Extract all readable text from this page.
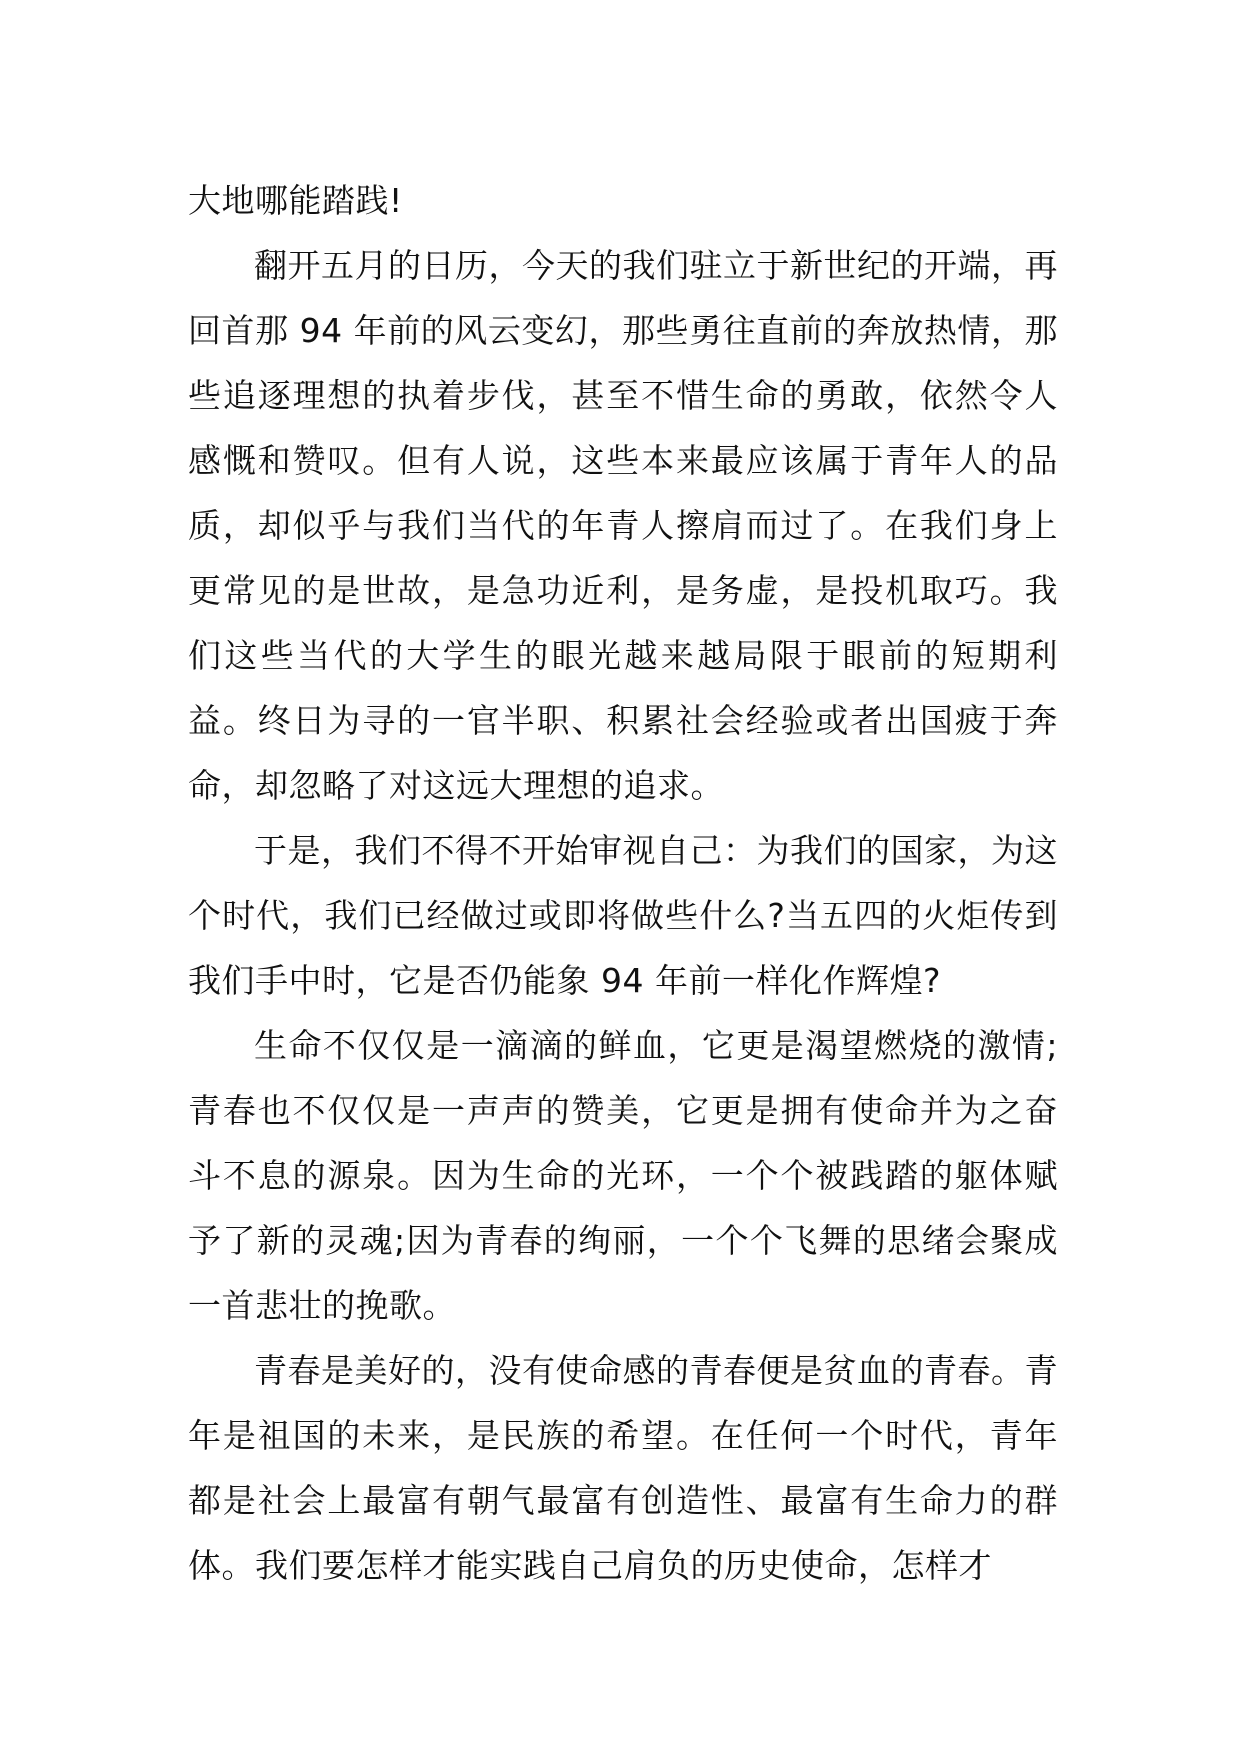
大地哪能踏践!

翻开五月的日历，今天的我们驻立于新世纪的开端，再回首那 94 年前的风云变幻，那些勇往直前的奔放热情，那些追逐理想的执着步伐，甚至不惜生命的勇敢，依然令人感慨和赞叹。但有人说，这些本来最应该属于青年人的品质，却似乎与我们当代的年青人擦肩而过了。在我们身上更常见的是世故，是急功近利，是务虚，是投机取巧。我们这些当代的大学生的眼光越来越局限于眼前的短期利益。终日为寻的一官半职、积累社会经验或者出国疲于奔命，却忽略了对这远大理想的追求。

于是，我们不得不开始审视自己：为我们的国家，为这个时代，我们已经做过或即将做些什么?当五四的火炬传到我们手中时，它是否仍能象 94 年前一样化作辉煌?

生命不仅仅是一滴滴的鲜血，它更是渴望燃烧的激情;青春也不仅仅是一声声的赞美，它更是拥有使命并为之奋斗不息的源泉。因为生命的光环，一个个被践踏的躯体赋予了新的灵魂;因为青春的绚丽，一个个飞舞的思绪会聚成一首悲壮的挽歌。

青春是美好的，没有使命感的青春便是贫血的青春。青年是祖国的未来，是民族的希望。在任何一个时代，青年都是社会上最富有朝气最富有创造性、最富有生命力的群体。我们要怎样才能实践自己肩负的历史使命，怎样才
